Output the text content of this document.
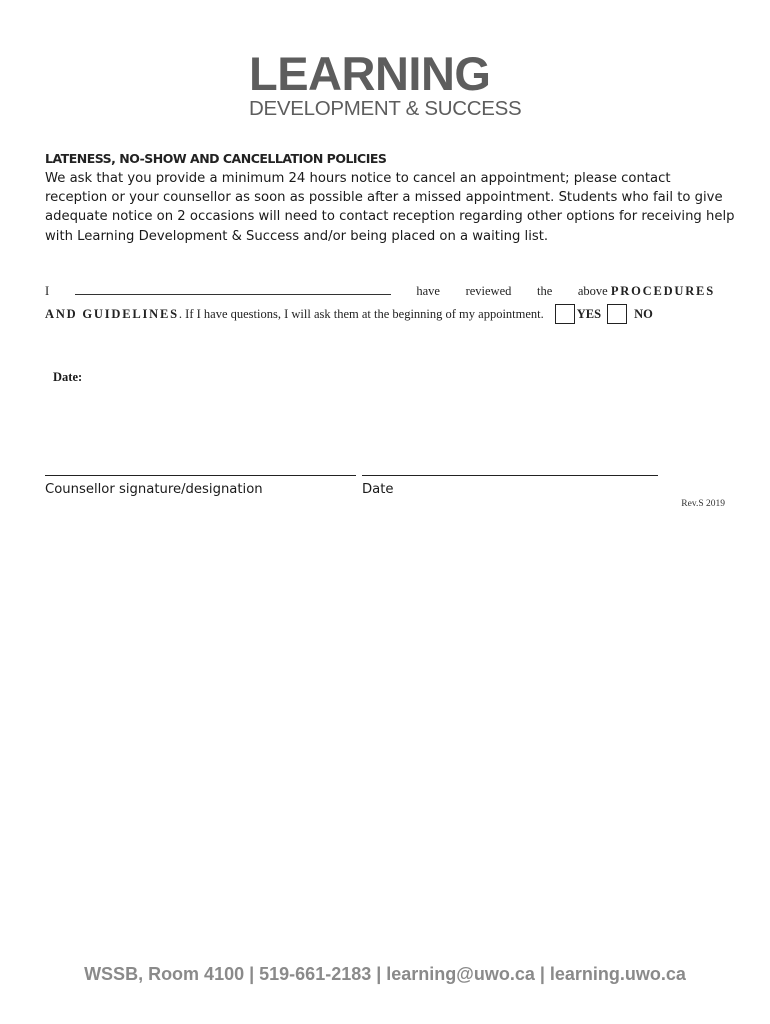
LEARNING
DEVELOPMENT & SUCCESS
LATENESS, NO-SHOW AND CANCELLATION POLICIES
We ask that you provide a minimum 24 hours notice to cancel an appointment; please contact reception or your counsellor as soon as possible after a missed appointment. Students who fail to give adequate notice on 2 occasions will need to contact reception regarding other options for receiving help with Learning Development & Success and/or being placed on a waiting list.
I	have reviewed the above PROCEDURES
AND GUIDELINES . If I have questions, I will ask them at the beginning of my appointment.	YES	NO
Date:
Counsellor signature/designation	Date
Rev.S 2019
WSSB, Room 4100 | 519-661-2183 | learning@uwo.ca | learning.uwo.ca
